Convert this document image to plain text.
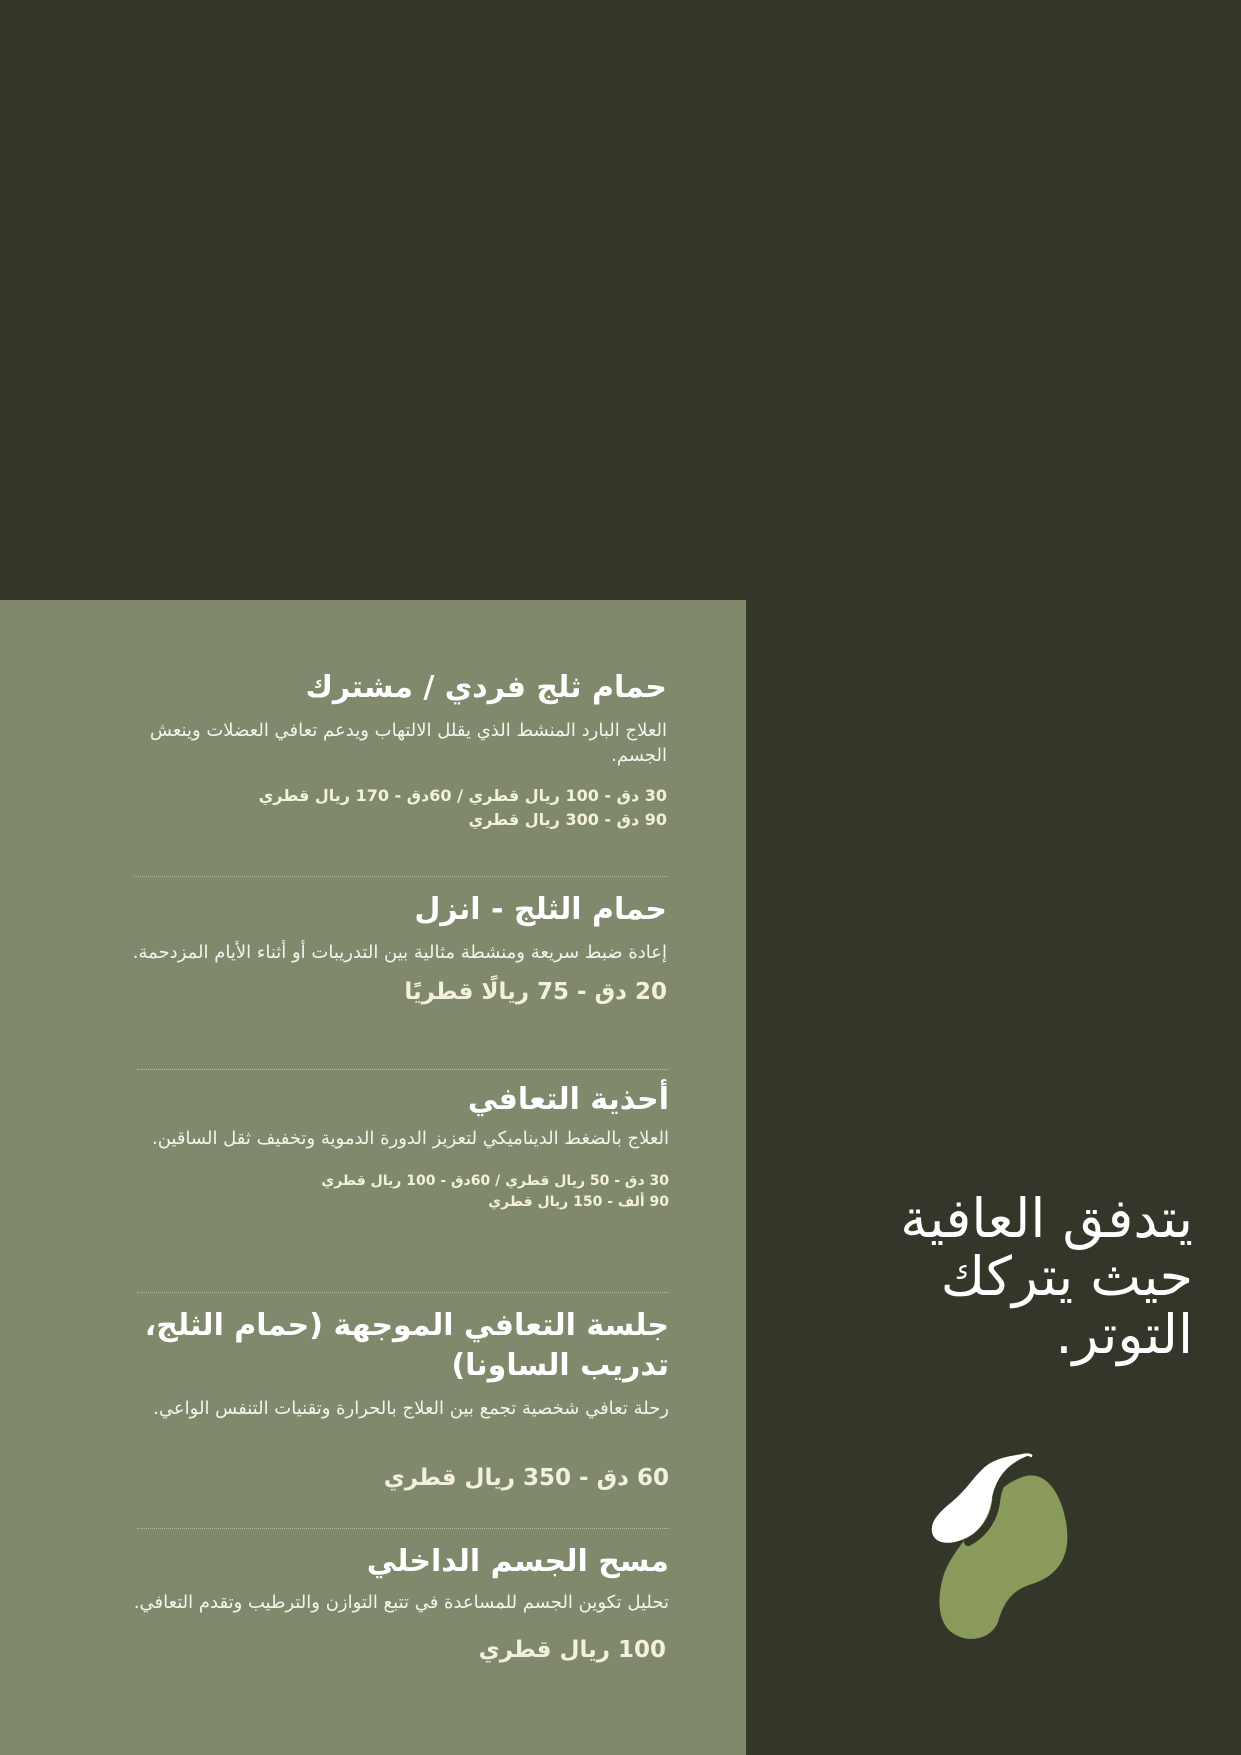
حمام ثلج فردي / مشترك

العلاج البارد المنشط الذي يقلل الالتهاب ويدعم تعافي العضلات وينعش الجسم.

30 دق - 100 ريال قطري / 60دق - 170 ريال قطري
90 دق - 300 ريال قطري
حمام الثلج - انزل

إعادة ضبط سريعة ومنشطة مثالية بين التدريبات أو أثناء الأيام المزدحمة.

20 دق - 75 ريالًا قطريًا
أحذية التعافي

العلاج بالضغط الديناميكي لتعزيز الدورة الدموية وتخفيف ثقل الساقين.

30 دق - 50 ريال قطري / 60دق - 100 ريال قطري
90 ألف - 150 ريال قطري
جلسة التعافي الموجهة (حمام الثلج، تدريب الساونا)

رحلة تعافي شخصية تجمع بين العلاج بالحرارة وتقنيات التنفس الواعي.

60 دق - 350 ريال قطري
مسح الجسم الداخلي

تحليل تكوين الجسم للمساعدة في تتبع التوازن والترطيب وتقدم التعافي.

100 ريال قطري
يتدفق العافية
حيث يتركك
التوتر.
